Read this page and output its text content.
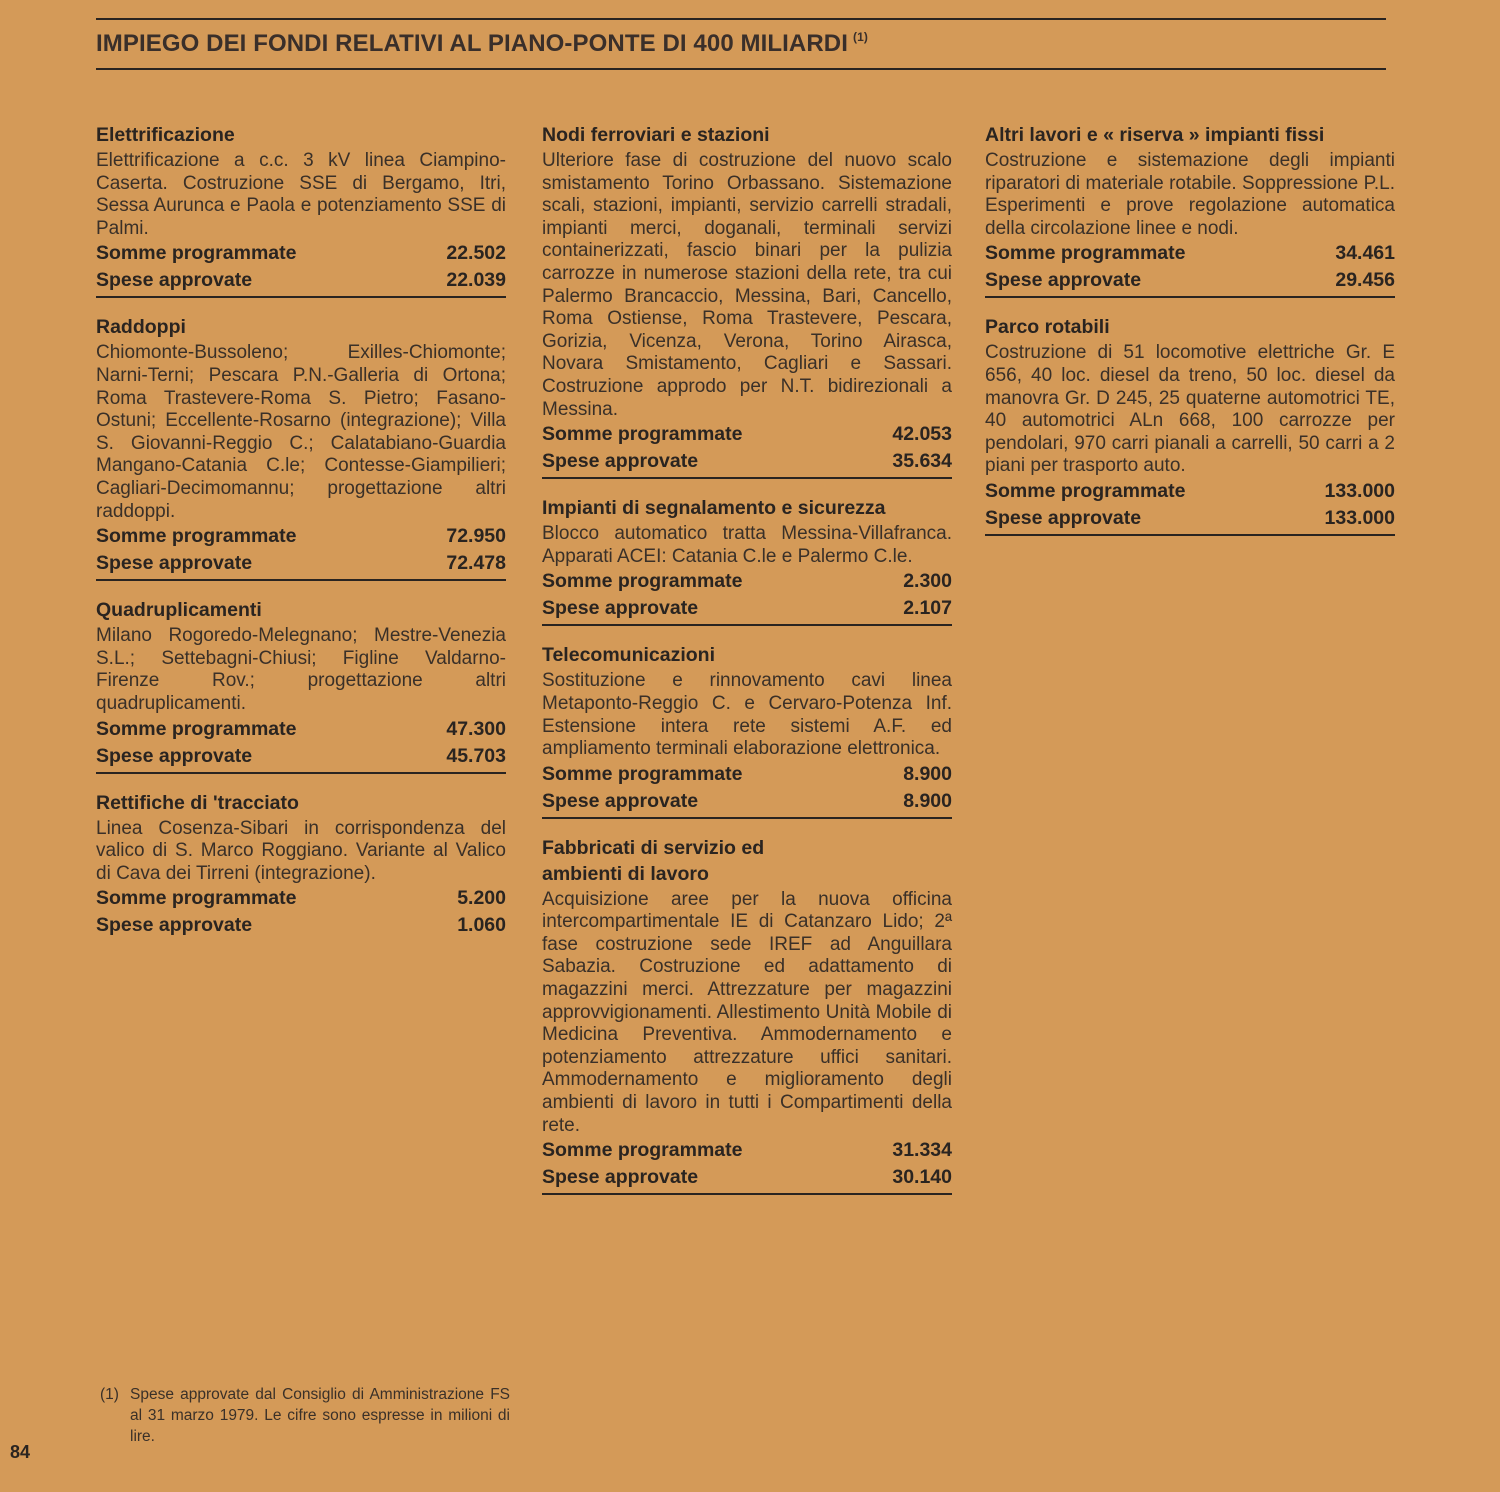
IMPIEGO DEI FONDI RELATIVI AL PIANO-PONTE DI 400 MILIARDI $^{(1)}$
Elettrificazione

Elettrificazione a c.c. 3 kV linea Ciampino-Caserta. Costruzione SSE di Bergamo, Itri, Sessa Aurunca e Paola e potenziamento SSE di Palmi.

Somme programmate	22.502
Spese approvate	22.039
Raddoppi

Chiomonte-Bussoleno; Exilles-Chiomonte; Narni-Terni; Pescara P.N.-Galleria di Ortona; Roma Trastevere-Roma S. Pietro; Fasano-Ostuni; Eccellente-Rosarno (integrazione); Villa S. Giovanni-Reggio C.; Calatabiano-Guardia Mangano-Catania C.le; Contesse-Giampilieri; Cagliari-Decimomannu; progettazione altri raddoppi.

Somme programmate	72.950
Spese approvate	72.478
Quadruplicamenti

Milano Rogoredo-Melegnano; Mestre-Venezia S.L.; Settebagni-Chiusi; Figline Valdarno-Firenze Rov.; progettazione altri quadruplicamenti.

Somme programmate	47.300
Spese approvate	45.703
Rettifiche di 'tracciato

Linea Cosenza-Sibari in corrispondenza del valico di S. Marco Roggiano. Variante al Valico di Cava dei Tirreni (integrazione).

Somme programmate	5.200
Spese approvate	1.060
Nodi ferroviari e stazioni

Ulteriore fase di costruzione del nuovo scalo smistamento Torino Orbassano. Sistemazione scali, stazioni, impianti, servizio carrelli stradali, impianti merci, doganali, terminali servizi containerizzati, fascio binari per la pulizia carrozze in numerose stazioni della rete, tra cui Palermo Brancaccio, Messina, Bari, Cancello, Roma Ostiense, Roma Trastevere, Pescara, Gorizia, Vicenza, Verona, Torino Airasca, Novara Smistamento, Cagliari e Sassari. Costruzione approdo per N.T. bidirezionali a Messina.

Somme programmate	42.053
Spese approvate	35.634
Impianti di segnalamento e sicurezza

Blocco automatico tratta Messina-Villafranca. Apparati ACEI: Catania C.le e Palermo C.le.

Somme programmate	2.300
Spese approvate	2.107
Telecomunicazioni

Sostituzione e rinnovamento cavi linea Metaponto-Reggio C. e Cervaro-Potenza Inf. Estensione intera rete sistemi A.F. ed ampliamento terminali elaborazione elettronica.

Somme programmate	8.900
Spese approvate	8.900
Fabbricati di servizio ed ambienti di lavoro

Acquisizione aree per la nuova officina intercompartimentale IE di Catanzaro Lido; 2ª fase costruzione sede IREF ad Anguillara Sabazia. Costruzione ed adattamento di magazzini merci. Attrezzature per magazzini approvvigionamenti. Allestimento Unità Mobile di Medicina Preventiva. Ammodernamento e potenziamento attrezzature uffici sanitari. Ammodernamento e miglioramento degli ambienti di lavoro in tutti i Compartimenti della rete.

Somme programmate	31.334
Spese approvate	30.140
Altri lavori e « riserva » impianti fissi

Costruzione e sistemazione degli impianti riparatori di materiale rotabile. Soppressione P.L. Esperimenti e prove regolazione automatica della circolazione linee e nodi.

Somme programmate	34.461
Spese approvate	29.456
Parco rotabili

Costruzione di 51 locomotive elettriche Gr. E 656, 40 loc. diesel da treno, 50 loc. diesel da manovra Gr. D 245, 25 quaterne automotrici TE, 40 automotrici ALn 668, 100 carrozze per pendolari, 970 carri pianali a carrelli, 50 carri a 2 piani per trasporto auto.

Somme programmate	133.000
Spese approvate	133.000
(1) Spese approvate dal Consiglio di Amministrazione FS al 31 marzo 1979. Le cifre sono espresse in milioni di lire.
84
